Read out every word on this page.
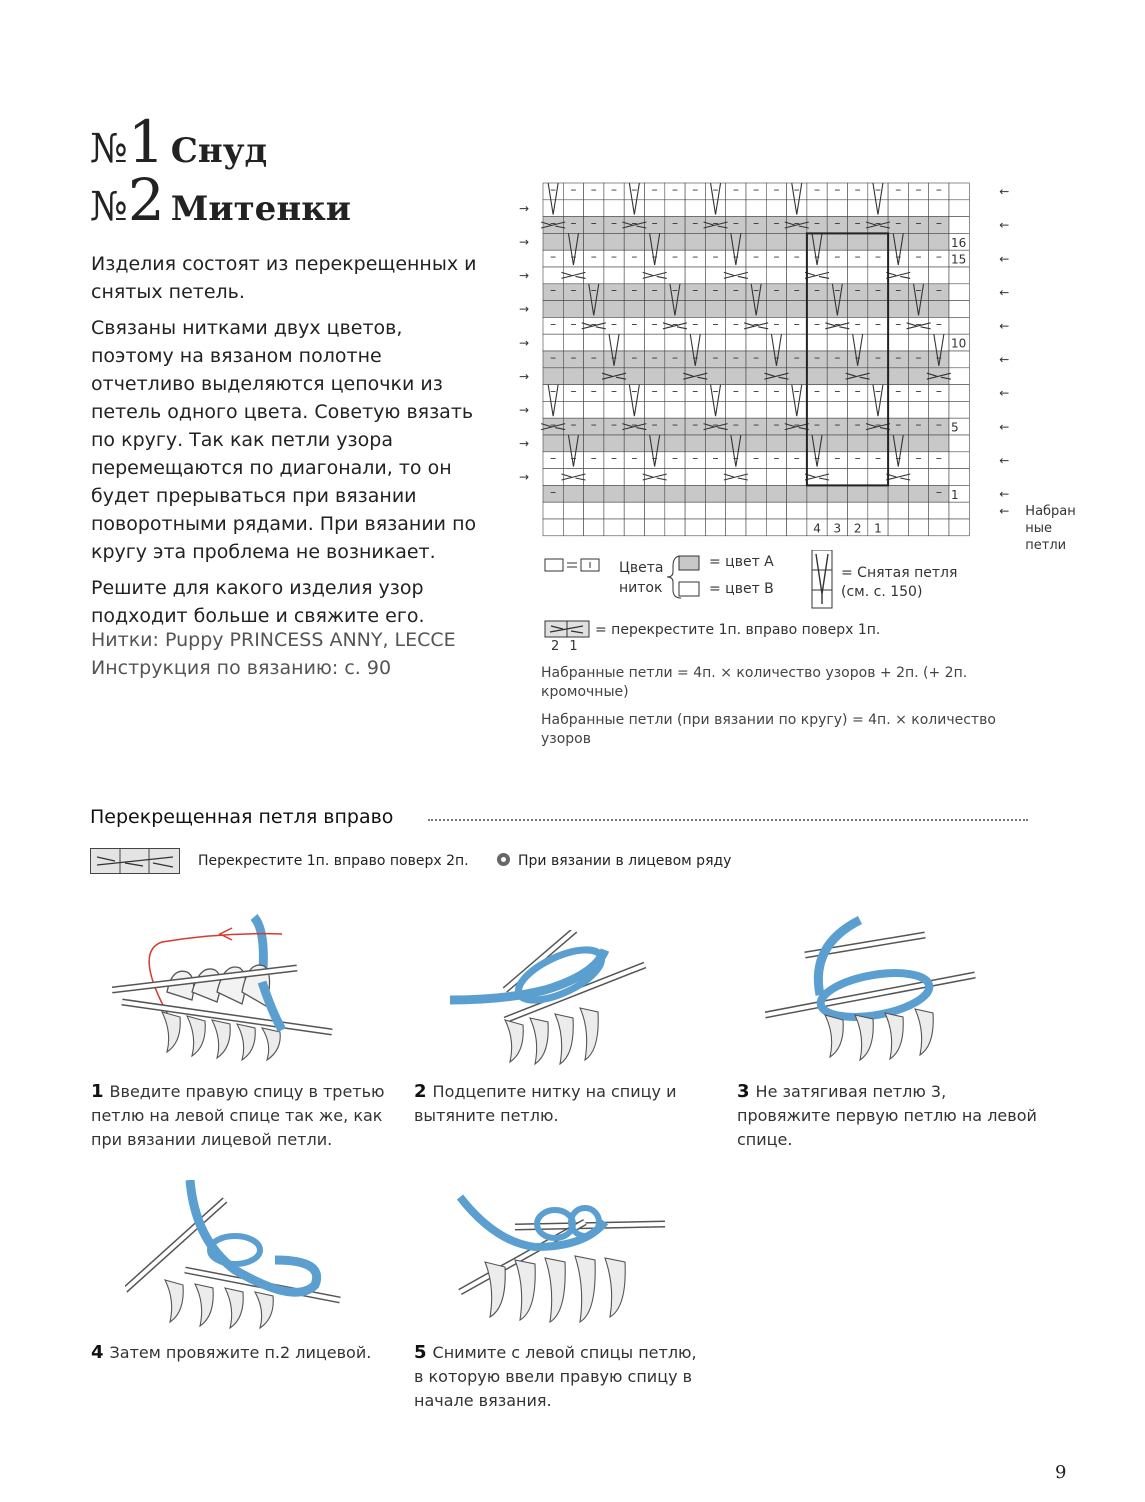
№1 Снуд
№2 Митенки

Изделия состоят из перекрещенных и снятых петель.

Связаны нитками двух цветов, поэтому на вязаном полотне отчетливо выделяются цепочки из петель одного цвета. Советую вязать по кругу. Так как петли узора перемещаются по диагонали, то он будет прерываться при вязании поворотными рядами. При вязании по кругу эта проблема не возникает.

Решите для какого изделия узор подходит больше и свяжите его.

Нитки: Puppy PRINCESS ANNY, LECCE
Инструкция по вязанию: с. 90
– – – – – – – – – – – – – – – – – – – –
– – – – – – – – – – – – – – – – – – – –
– – – – – – – – – – – – – – – – – – – –
– – – – – – – – – – – – – – – – – – – –
– – – – – – – – – – – – – – – – – – – –
– – – – – – – – – – – – – – – – – – – –
– – – – – – – – – – – – – – – – – – – –
– – – – – – – – – – – – – – – – – – – –
– – – – – – – – – – – – – – – – – – – –
–	–
16
15
10
5
1
4 3 2 1
←
→
←
→
←
→
←
→
←
→
←
→
←
→
←
→
←
→
←
← Набран-
ные
петли
Цвета
ниток
= цвет А
= цвет В
= Снятая петля
(см. с. 150)
= перекрестите 1п. вправо поверх 1п.
2 1

Набранные петли = 4п. × количество узоров + 2п. (+ 2п. кромочные)

Набранные петли (при вязании по кругу) = 4п. × количество узоров

Перекрещенная петля вправо
Перекрестите 1п. вправо поверх 2п.	При вязании в лицевом ряду
1 Введите правую спицу в третью петлю на левой спице так же, как при вязании лицевой петли.
2 Подцепите нитку на спицу и вытяните петлю.
3 Не затягивая петлю 3, провяжите первую петлю на левой спице.
4 Затем провяжите п.2 лицевой.	5 Снимите с левой спицы петлю, в которую ввели правую спицу в начале вязания.
9
